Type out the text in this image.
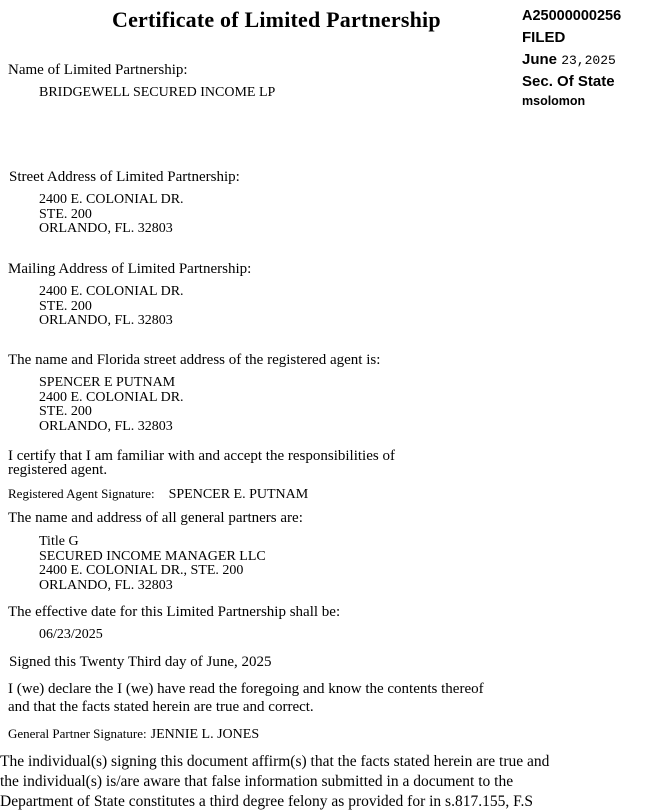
Certificate of Limited Partnership	A25000000256
FILED
June 23,2025
Sec. Of State
msolomon
Name of Limited Partnership:
BRIDGEWELL SECURED INCOME LP
Street Address of Limited Partnership:
2400 E. COLONIAL DR.
STE. 200
ORLANDO, FL. 32803
Mailing Address of Limited Partnership:
2400 E. COLONIAL DR.
STE. 200
ORLANDO, FL. 32803
The name and Florida street address of the registered agent is:
SPENCER E PUTNAM
2400 E. COLONIAL DR.
STE. 200
ORLANDO, FL. 32803
I certify that I am familiar with and accept the responsibilities of
registered agent.
Registered Agent Signature: SPENCER E. PUTNAM
The name and address of all general partners are:
Title G
SECURED INCOME MANAGER LLC
2400 E. COLONIAL DR., STE. 200
ORLANDO, FL. 32803
The effective date for this Limited Partnership shall be:
06/23/2025
Signed this Twenty Third day of June, 2025
I (we) declare the I (we) have read the foregoing and know the contents thereof
and that the facts stated herein are true and correct.
General Partner Signature: JENNIE L. JONES
The individual(s) signing this document affirm(s) that the facts stated herein are true and
the individual(s) is/are aware that false information submitted in a document to the
Department of State constitutes a third degree felony as provided for in s.817.155, F.S
